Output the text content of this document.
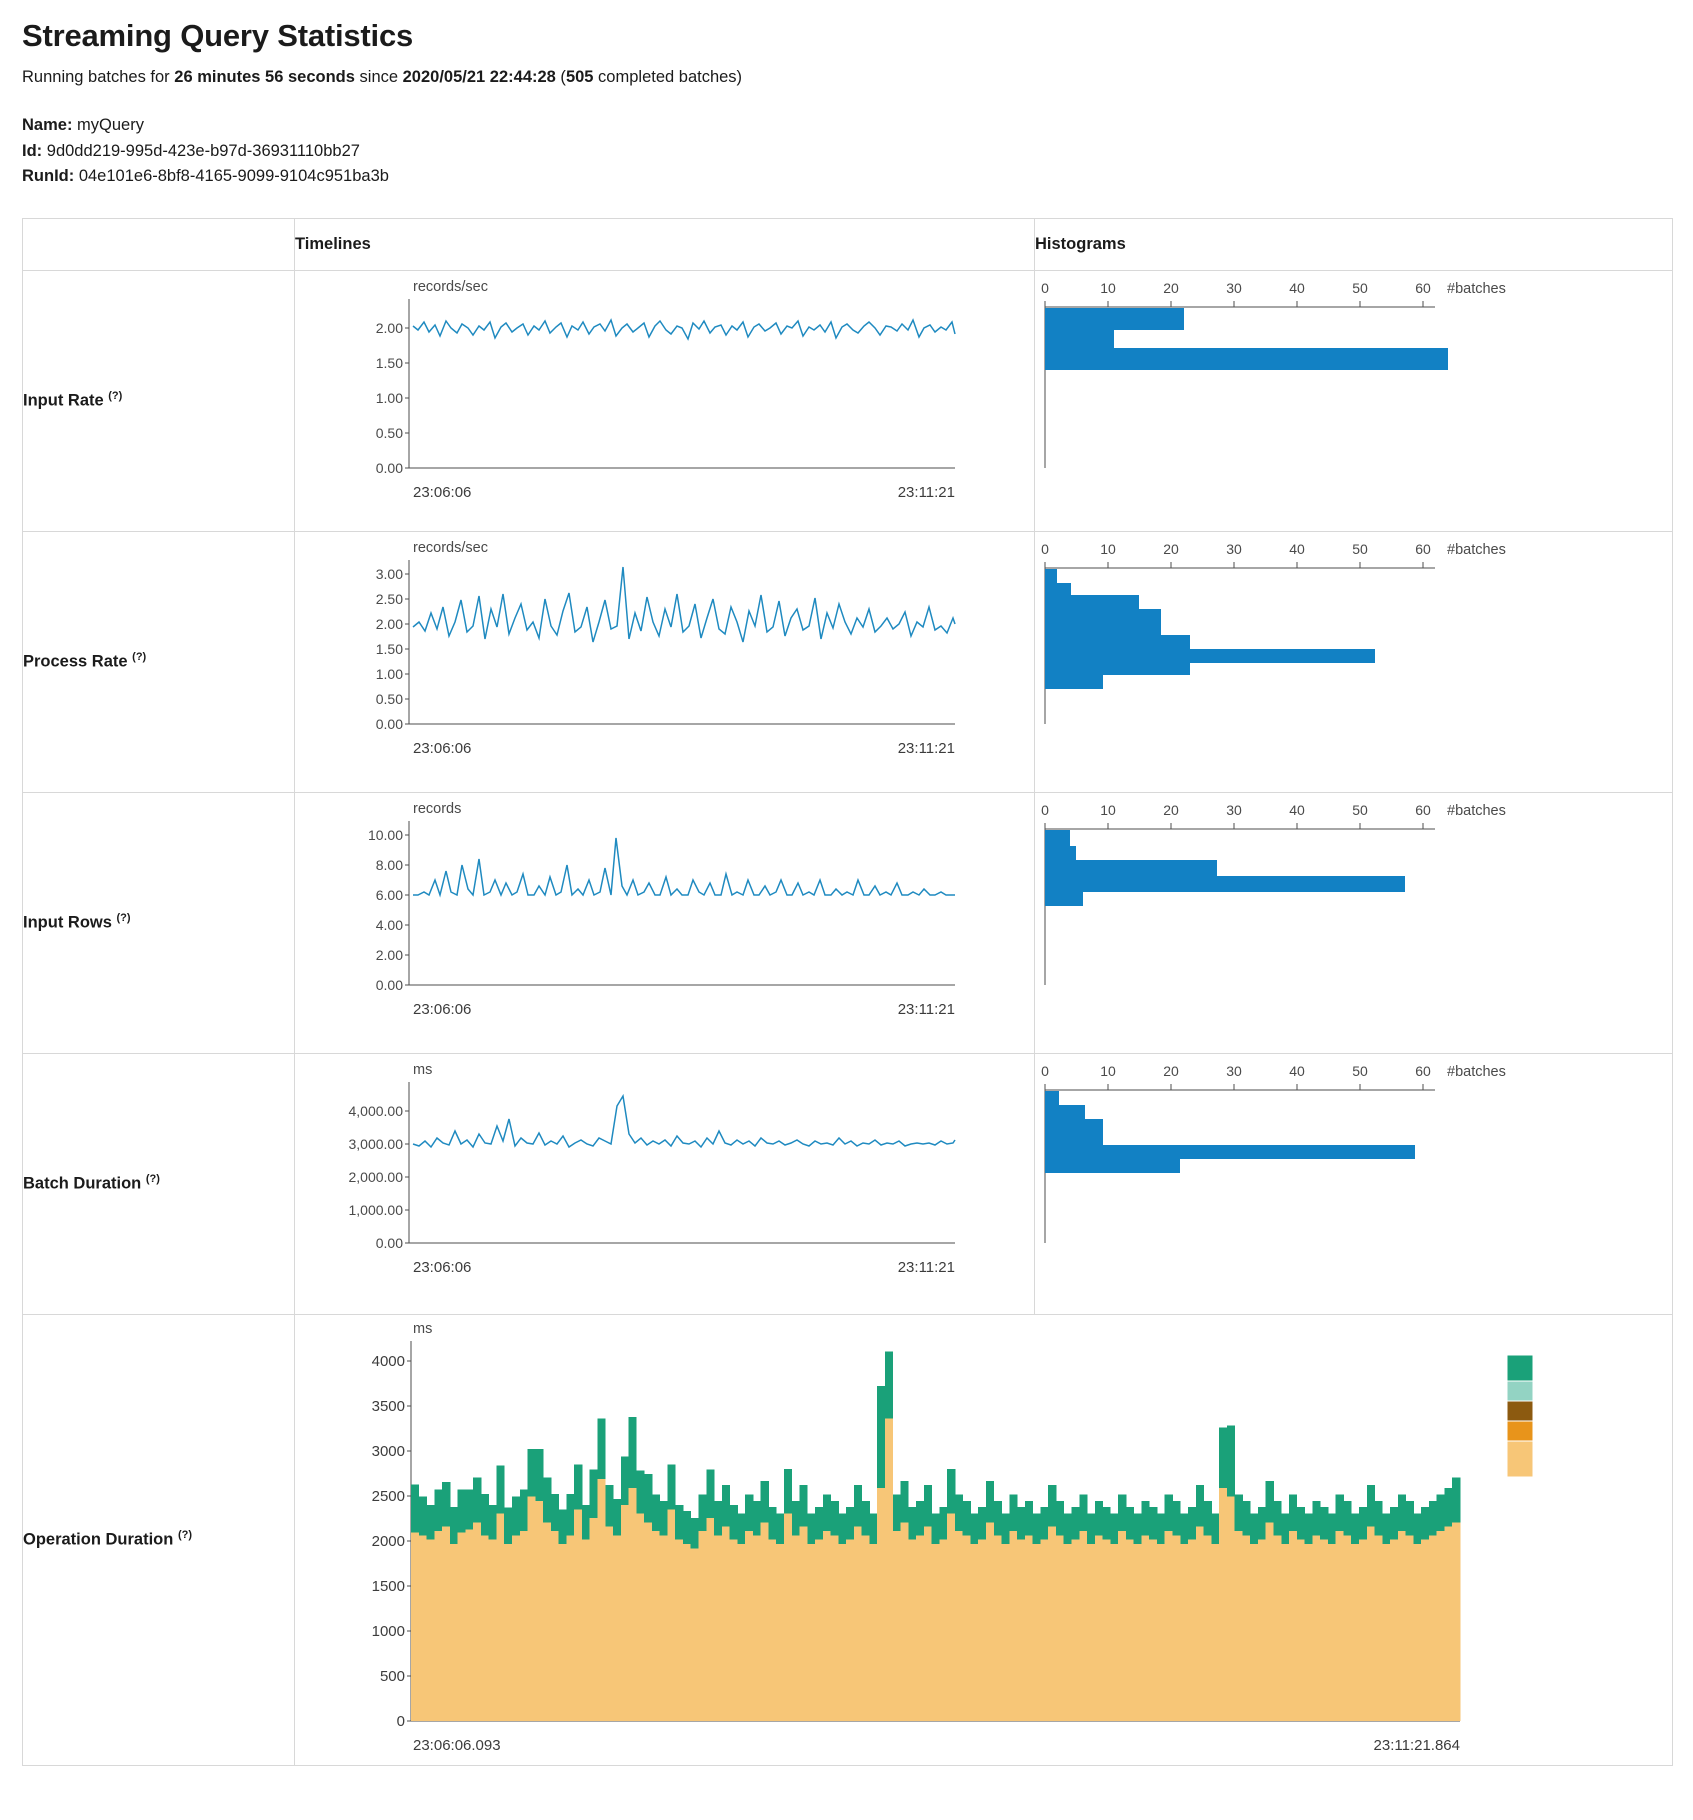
Streaming Query Statistics

Running batches for 26 minutes 56 seconds since 2020/05/21 22:44:28 (505 completed batches)

Name: myQuery
Id: 9d0dd219-995d-423e-b97d-36931110bb27
RunId: 04e101e6-8bf8-4165-9099-9104c951ba3b
	Timelines	Histograms
Input Rate (?)	
records/sec
2.00
1.50
1.00
0.50
0.00
23:06:06	23:11:21

0	10	20	30	40	50	60 #batches

Process Rate (?)	
records/sec
3.00
2.50
2.00
1.50
1.00
0.50
0.00
23:06:06	23:11:21

0	10	20	30	40	50	60 #batches

Input Rows (?)	
records
10.00
8.00
6.00
4.00
2.00
0.00
23:06:06	23:11:21

0	10	20	30	40	50	60 #batches

Batch Duration (?)	
ms
4,000.00
3,000.00
2,000.00
1,000.00
0.00
23:06:06	23:11:21

0	10	20	30	40	50	60 #batches

Operation Duration (?)	
ms
4000
3500
3000
2500
2000
1500
1000
500
0
23:06:06.093	23:11:21.864
